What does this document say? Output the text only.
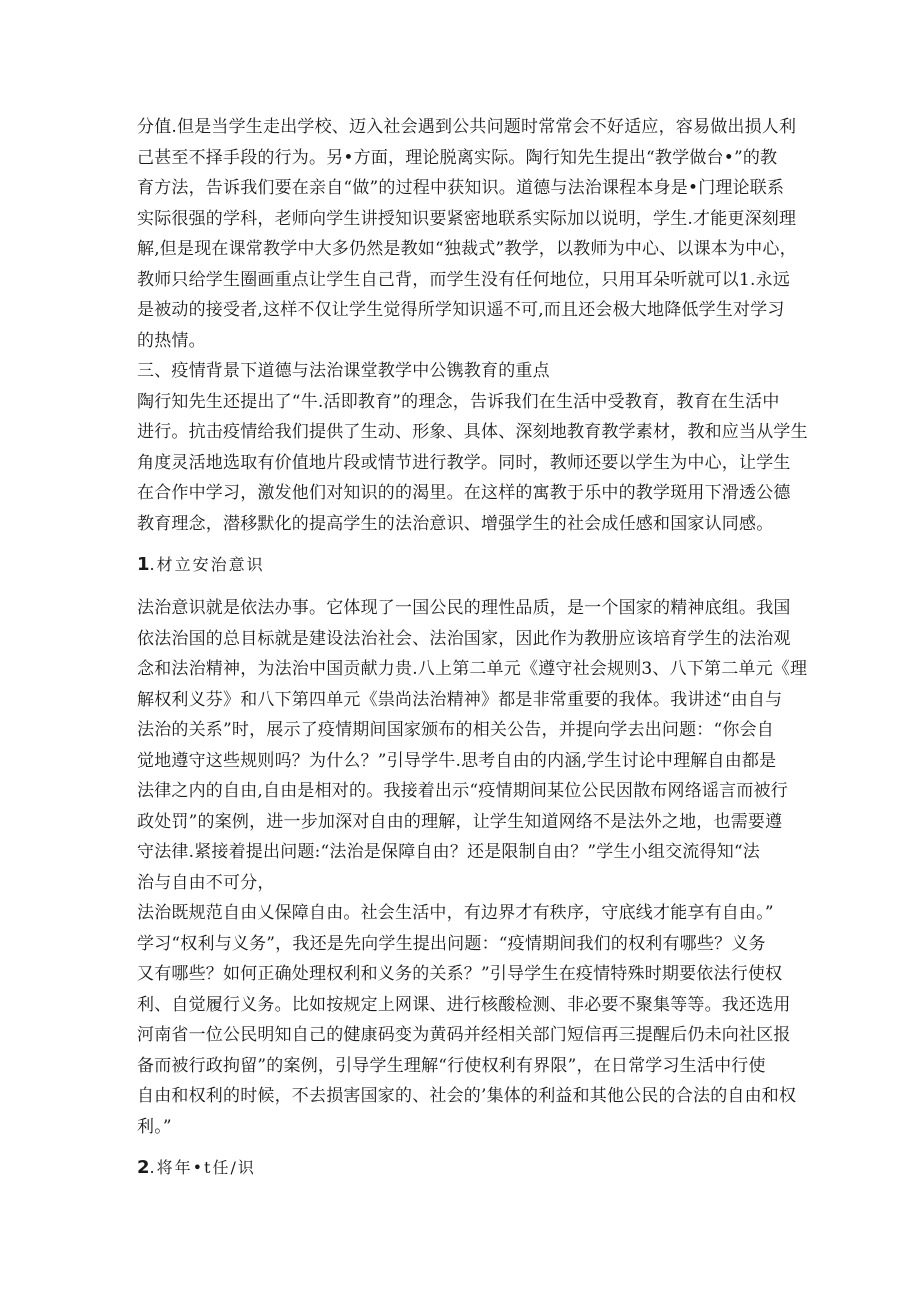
分值.但是当学生走出学校、迈入社会遇到公共问题时常常会不好适应，容易做出损人利
己甚至不择手段的行为。另•方面，理论脱离实际。陶行知先生提出“教学做台•”的教
育方法，告诉我们要在亲自“做”的过程中获知识。道德与法治课程本身是•门理论联系
实际很强的学科，老师向学生讲授知识要紧密地联系实际加以说明，学生.才能更深刻理
解,但是现在课常教学中大多仍然是教如“独裁式”教学，以教师为中心、以课本为中心，
教师只给学生圈画重点让学生自己背，而学生没有任何地位，只用耳朵听就可以1.永远
是被动的接受者,这样不仅让学生觉得所学知识遥不可,而且还会极大地降低学生对学习
的热情。
三、疫情背景下道德与法治课堂教学中公镌教育的重点
陶行知先生还提出了“牛.活即教育”的理念，告诉我们在生活中受教育，教育在生活中
进行。抗击疫情给我们提供了生动、形象、具体、深刻地教育教学素材，教和应当从学生
角度灵活地选取有价值地片段或情节进行教学。同时，教师还要以学生为中心，让学生
在合作中学习，激发他们对知识的的渴里。在这样的寓教于乐中的教学斑用下滑透公德
教育理念，潜移默化的提高学生的法治意识、增强学生的社会成任感和国家认同感。
1.材立安治意识
法治意识就是依法办事。它体现了一国公民的理性品质，是一个国家的精神底组。我国
依法治国的总目标就是建设法治社会、法治国家，因此作为教册应该培育学生的法治观
念和法治精神，为法治中国贡献力贵.八上第二单元《遵守社会规则3、八下第二单元《理
解权利义芬》和八下第四单元《祟尚法治精神》都是非常重要的我体。我讲述“由自与
法治的关系”时，展示了疫情期间国家颁布的相关公告，并提向学去出问题：“你会自
觉地遵守这些规则吗？为什么？”引导学牛.思考自由的内涵,学生讨论中理解自由都是
法律之内的自由,自由是相对的。我接着出示“疫情期间某位公民因散布网络谣言而被行
政处罚”的案例，进一步加深对自由的理解，让学生知道网络不是法外之地，也需要遵
守法律.紧接着提出问题:“法治是保障自由？还是限制自由？”学生小组交流得知“法
治与自由不可分，
法治既规范自由乂保障自由。社会生活中，有边界才有秩序，守底线才能享有自由。”
学习“权利与义务”，我还是先向学生提出问题：“疫情期间我们的权利有哪些？义务
又有哪些？如何正确处理权利和义务的关系？”引导学生在疫情特殊时期要依法行使权
利、自觉履行义务。比如按规定上网课、进行核酸检测、非必要不聚集等等。我还选用
河南省一位公民明知自己的健康码变为黄码并经相关部门短信再三提醒后仍未向社区报
备而被行政拘留”的案例，引导学生理解“行使权利有界限”，在日常学习生活中行使
自由和权利的时候，不去损害国家的、社会的’集体的利益和其他公民的合法的自由和权
利。”
2.将年•t任/识
